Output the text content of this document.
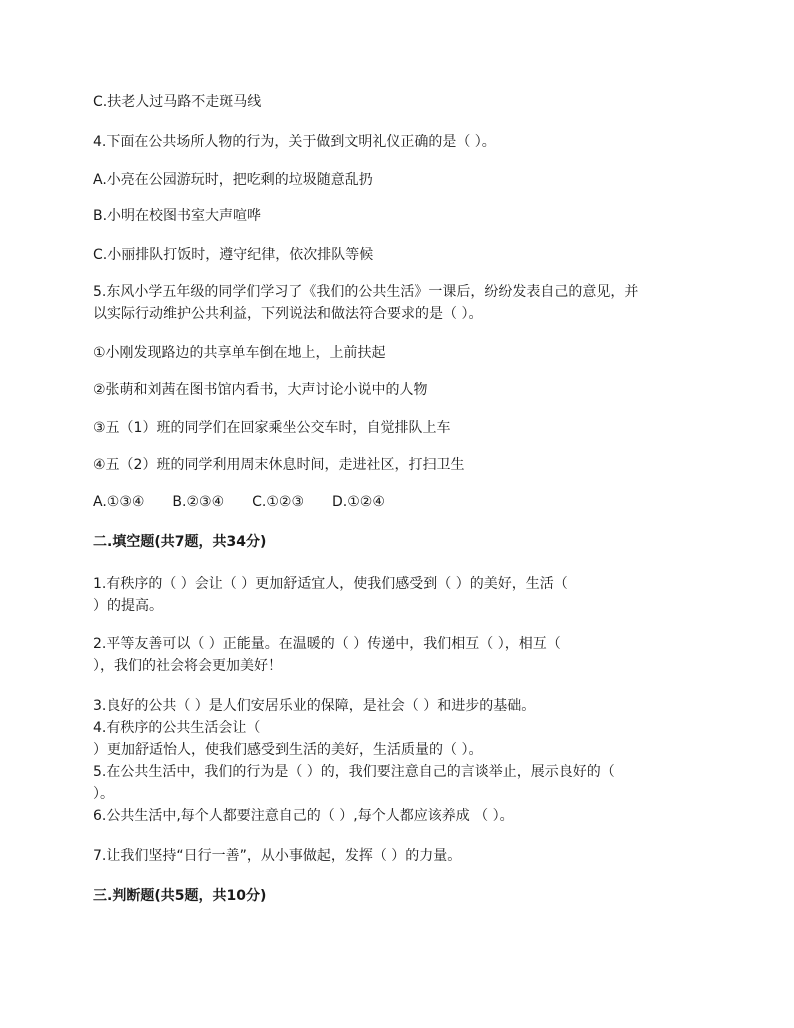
C.扶老人过马路不走斑马线
4.下面在公共场所人物的行为，关于做到文明礼仪正确的是（ ）。
A.小亮在公园游玩时，把吃剩的垃圾随意乱扔
B.小明在校图书室大声喧哗
C.小丽排队打饭时，遵守纪律，依次排队等候
5.东风小学五年级的同学们学习了《我们的公共生活》一课后，纷纷发表自己的意见，并
以实际行动维护公共利益，下列说法和做法符合要求的是（ ）。
①小刚发现路边的共享单车倒在地上，上前扶起
②张萌和刘茜在图书馆内看书，大声讨论小说中的人物
③五（1）班的同学们在回家乘坐公交车时，自觉排队上车
④五（2）班的同学利用周末休息时间，走进社区，打扫卫生
A.①③④　　B.②③④　　C.①②③　　D.①②④
二.填空题(共7题，共34分)
1.有秩序的（ ）会让（ ）更加舒适宜人，使我们感受到（ ）的美好，生活（
）的提高。
2.平等友善可以（ ）正能量。在温暖的（ ）传递中，我们相互（ ），相互（
），我们的社会将会更加美好！
3.良好的公共（ ）是人们安居乐业的保障，是社会（ ）和进步的基础。
4.有秩序的公共生活会让（
）更加舒适怡人，使我们感受到生活的美好，生活质量的（ ）。
5.在公共生活中，我们的行为是（ ）的，我们要注意自己的言谈举止，展示良好的（
）。
6.公共生活中,每个人都要注意自己的（ ）,每个人都应该养成 （ ）。
7.让我们坚持“日行一善”，从小事做起，发挥（ ）的力量。
三.判断题(共5题，共10分)
